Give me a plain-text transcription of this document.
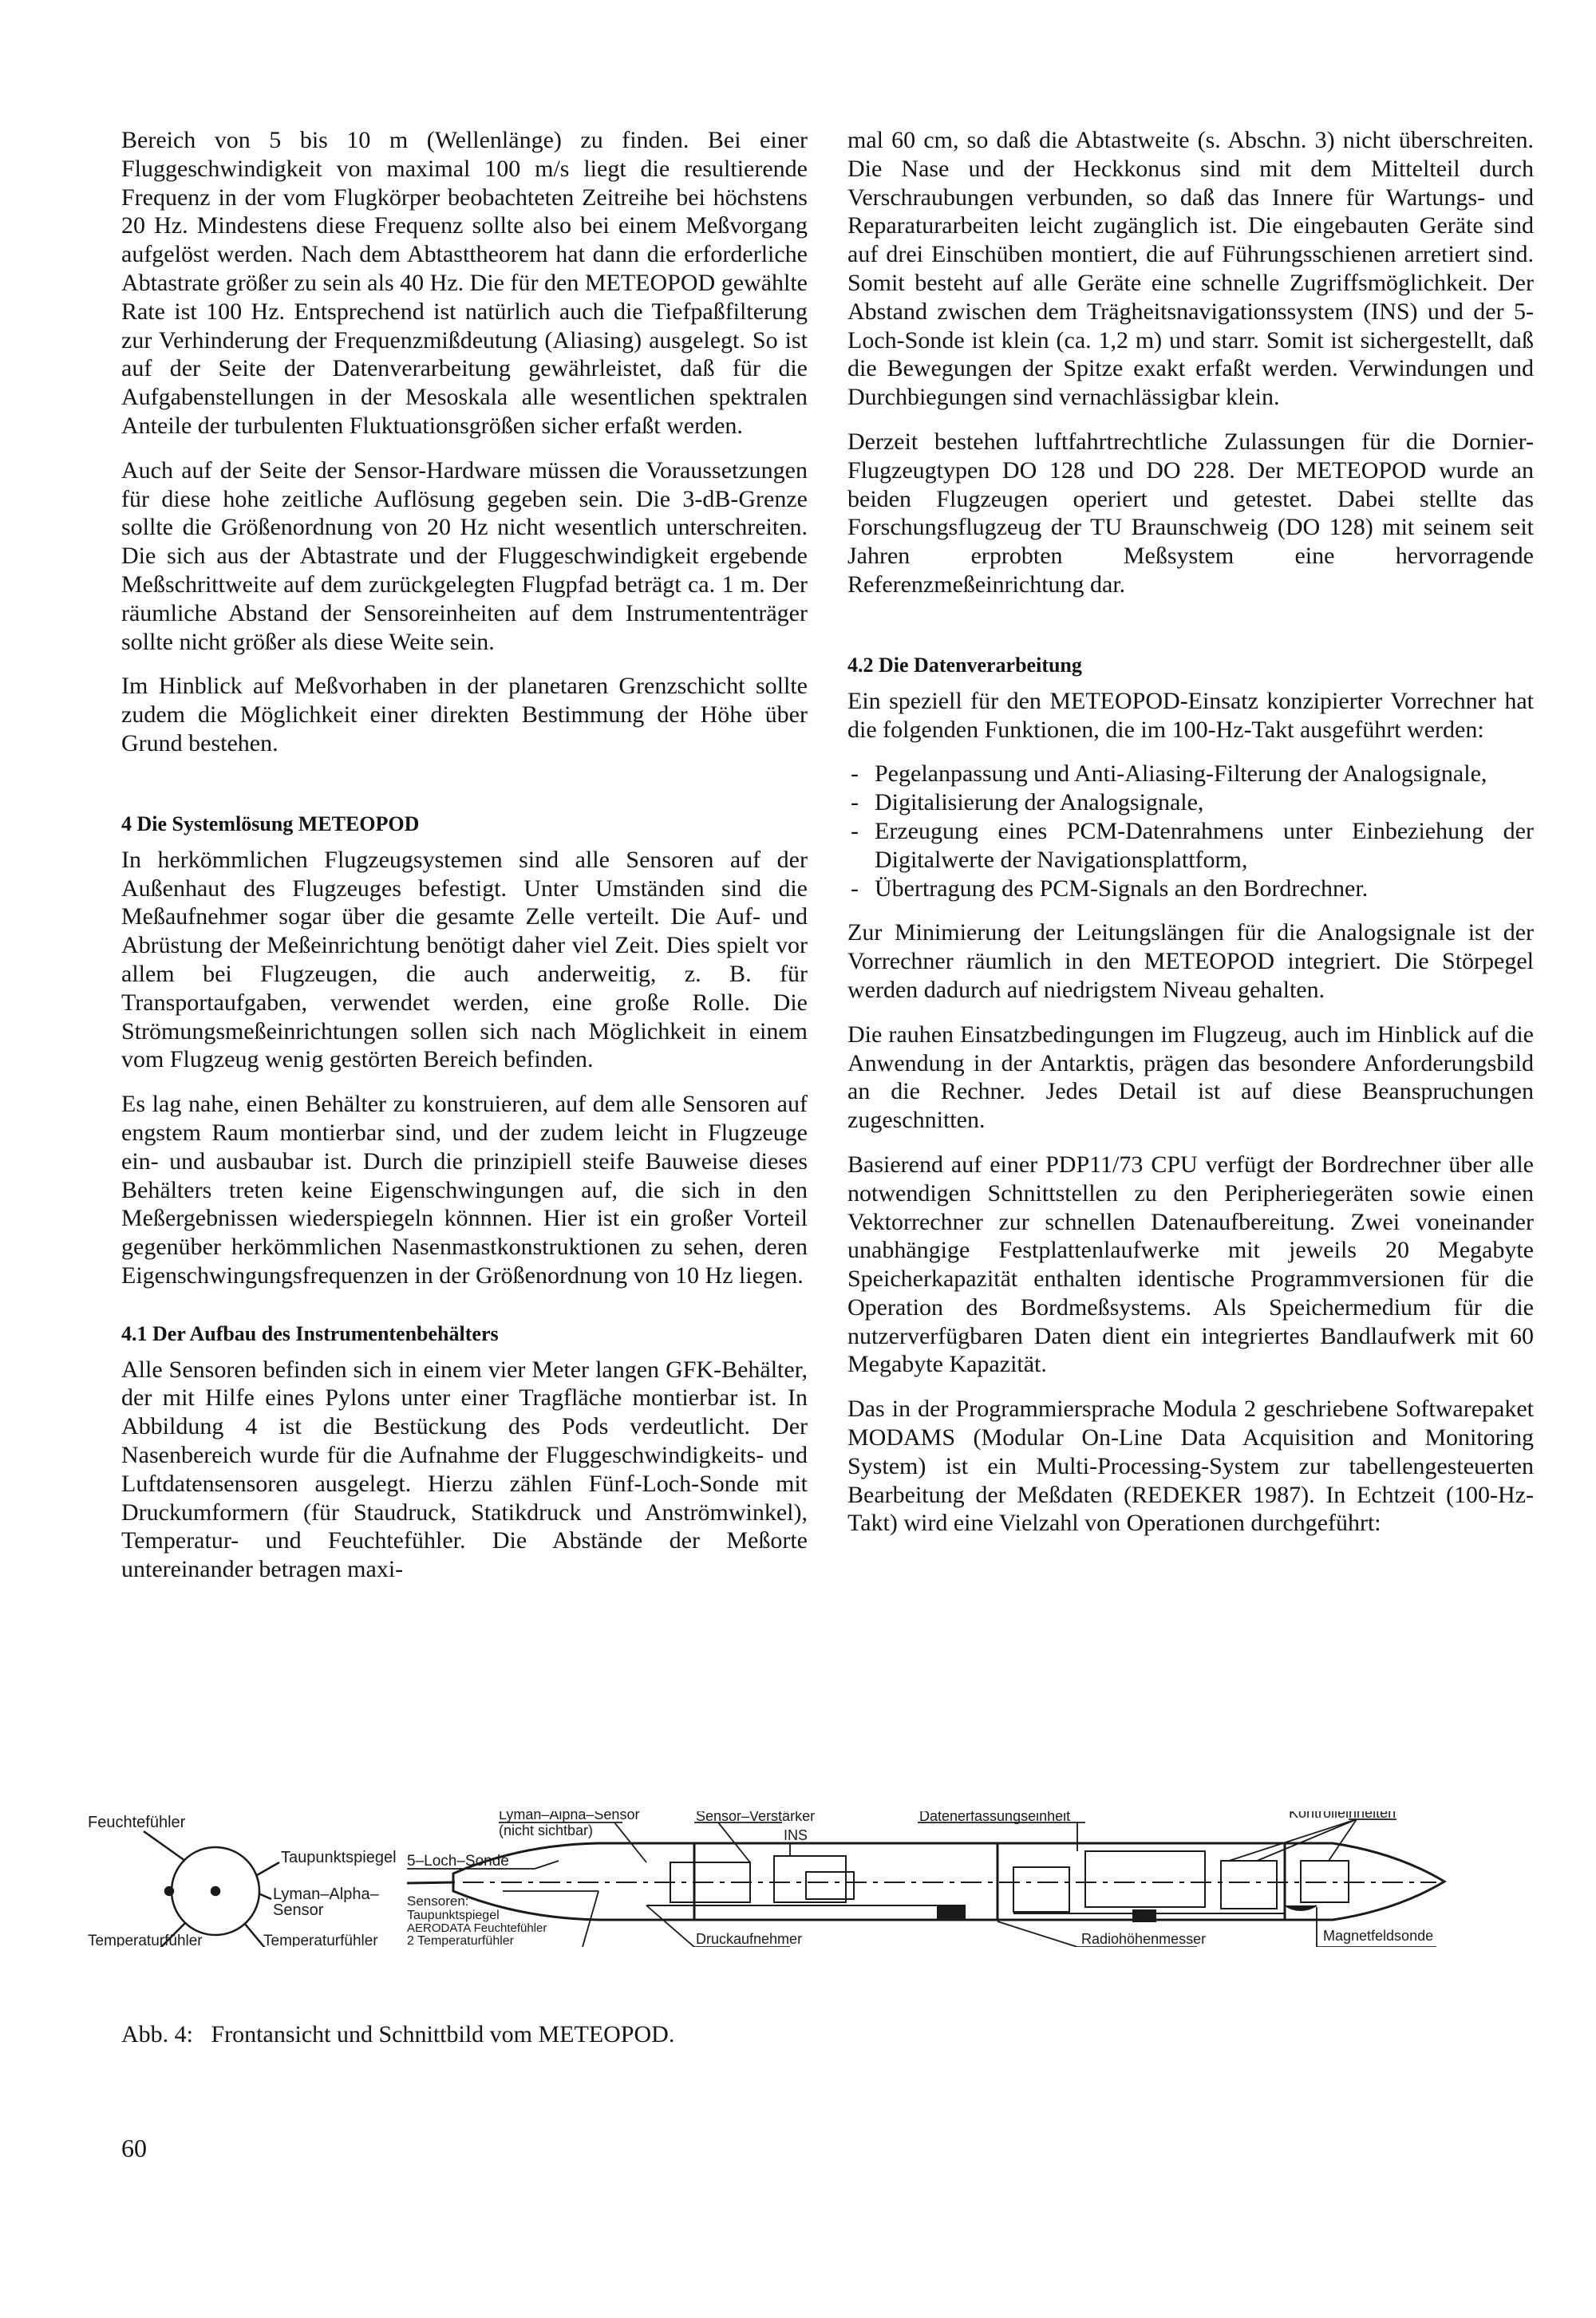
Bereich von 5 bis 10 m (Wellenlänge) zu finden. Bei einer Fluggeschwindigkeit von maximal 100 m/s liegt die resultierende Frequenz in der vom Flugkörper beobachteten Zeitreihe bei höchstens 20 Hz. Mindestens diese Frequenz sollte also bei einem Meßvorgang aufgelöst werden. Nach dem Abtasttheorem hat dann die erforderliche Abtastrate größer zu sein als 40 Hz. Die für den METEOPOD gewählte Rate ist 100 Hz. Entsprechend ist natürlich auch die Tiefpaßfilterung zur Verhinderung der Frequenzmißdeutung (Aliasing) ausgelegt. So ist auf der Seite der Datenverarbeitung gewährleistet, daß für die Aufgabenstellungen in der Mesoskala alle wesentlichen spektralen Anteile der turbulenten Fluktuationsgrößen sicher erfaßt werden.

Auch auf der Seite der Sensor-Hardware müssen die Voraussetzungen für diese hohe zeitliche Auflösung gegeben sein. Die 3-dB-Grenze sollte die Größenordnung von 20 Hz nicht wesentlich unterschreiten. Die sich aus der Abtastrate und der Fluggeschwindigkeit ergebende Meßschrittweite auf dem zurückgelegten Flugpfad beträgt ca. 1 m. Der räumliche Abstand der Sensoreinheiten auf dem Instrumententräger sollte nicht größer als diese Weite sein.

Im Hinblick auf Meßvorhaben in der planetaren Grenzschicht sollte zudem die Möglichkeit einer direkten Bestimmung der Höhe über Grund bestehen.

4 Die Systemlösung METEOPOD

In herkömmlichen Flugzeugsystemen sind alle Sensoren auf der Außenhaut des Flugzeuges befestigt. Unter Umständen sind die Meßaufnehmer sogar über die gesamte Zelle verteilt. Die Auf- und Abrüstung der Meßeinrichtung benötigt daher viel Zeit. Dies spielt vor allem bei Flugzeugen, die auch anderweitig, z. B. für Transportaufgaben, verwendet werden, eine große Rolle. Die Strömungsmeßeinrichtungen sollen sich nach Möglichkeit in einem vom Flugzeug wenig gestörten Bereich befinden.

Es lag nahe, einen Behälter zu konstruieren, auf dem alle Sensoren auf engstem Raum montierbar sind, und der zudem leicht in Flugzeuge ein- und ausbaubar ist. Durch die prinzipiell steife Bauweise dieses Behälters treten keine Eigenschwingungen auf, die sich in den Meßergebnissen wiederspiegeln könnnen. Hier ist ein großer Vorteil gegenüber herkömmlichen Nasenmastkonstruktionen zu sehen, deren Eigenschwingungsfrequenzen in der Größenordnung von 10 Hz liegen.

4.1 Der Aufbau des Instrumentenbehälters

Alle Sensoren befinden sich in einem vier Meter langen GFK-Behälter, der mit Hilfe eines Pylons unter einer Tragfläche montierbar ist. In Abbildung 4 ist die Bestückung des Pods verdeutlicht. Der Nasenbereich wurde für die Aufnahme der Fluggeschwindigkeits- und Luftdatensensoren ausgelegt. Hierzu zählen Fünf-Loch-Sonde mit Druckumformern (für Staudruck, Statikdruck und Anströmwinkel), Temperatur- und Feuchtefühler. Die Abstände der Meßorte untereinander betragen maxi-

mal 60 cm, so daß die Abtastweite (s. Abschn. 3) nicht überschreiten. Die Nase und der Heckkonus sind mit dem Mittelteil durch Verschraubungen verbunden, so daß das Innere für Wartungs- und Reparaturarbeiten leicht zugänglich ist. Die eingebauten Geräte sind auf drei Einschüben montiert, die auf Führungsschienen arretiert sind. Somit besteht auf alle Geräte eine schnelle Zugriffsmöglichkeit. Der Abstand zwischen dem Trägheitsnavigationssystem (INS) und der 5-Loch-Sonde ist klein (ca. 1,2 m) und starr. Somit ist sichergestellt, daß die Bewegungen der Spitze exakt erfaßt werden. Verwindungen und Durchbiegungen sind vernachlässigbar klein.

Derzeit bestehen luftfahrtrechtliche Zulassungen für die Dornier-Flugzeugtypen DO 128 und DO 228. Der METEOPOD wurde an beiden Flugzeugen operiert und getestet. Dabei stellte das Forschungsflugzeug der TU Braunschweig (DO 128) mit seinem seit Jahren erprobten Meßsystem eine hervorragende Referenzmeßeinrichtung dar.

4.2 Die Datenverarbeitung

Ein speziell für den METEOPOD-Einsatz konzipierter Vorrechner hat die folgenden Funktionen, die im 100-Hz-Takt ausgeführt werden:

- Pegelanpassung und Anti-Aliasing-Filterung der Analogsignale,
- Digitalisierung der Analogsignale,
- Erzeugung eines PCM-Datenrahmens unter Einbeziehung der Digitalwerte der Navigationsplattform,
- Übertragung des PCM-Signals an den Bordrechner.

Zur Minimierung der Leitungslängen für die Analogsignale ist der Vorrechner räumlich in den METEOPOD integriert. Die Störpegel werden dadurch auf niedrigstem Niveau gehalten.

Die rauhen Einsatzbedingungen im Flugzeug, auch im Hinblick auf die Anwendung in der Antarktis, prägen das besondere Anforderungsbild an die Rechner. Jedes Detail ist auf diese Beanspruchungen zugeschnitten.

Basierend auf einer PDP11/73 CPU verfügt der Bordrechner über alle notwendigen Schnittstellen zu den Peripheriegeräten sowie einen Vektorrechner zur schnellen Datenaufbereitung. Zwei voneinander unabhängige Festplattenlaufwerke mit jeweils 20 Megabyte Speicherkapazität enthalten identische Programmversionen für die Operation des Bordmeßsystems. Als Speichermedium für die nutzerverfügbaren Daten dient ein integriertes Bandlaufwerk mit 60 Megabyte Kapazität.

Das in der Programmiersprache Modula 2 geschriebene Softwarepaket MODAMS (Modular On-Line Data Acquisition and Monitoring System) ist ein Multi-Processing-System zur tabellengesteuerten Bearbeitung der Meßdaten (REDEKER 1987). In Echtzeit (100-Hz-Takt) wird eine Vielzahl von Operationen durchgeführt:

Feuchtefühler
Taupunktspiegel
Lyman–Alpha–
Sensor
Temperaturfühler	Temperaturfühler
Lyman–Alpha–Sensor
(nicht sichtbar)
Sensor–Verstärker
INS
Datenerfassungseinheit	Kontrolleinheiten
5–Loch–Sonde
Sensoren:
Taupunktspiegel
AERODATA Feuchtefühler
2 Temperaturfühler	Druckaufnehmer	Radiohöhenmesser	Magnetfeldsonde
Abb. 4: Frontansicht und Schnittbild vom METEOPOD.
60
